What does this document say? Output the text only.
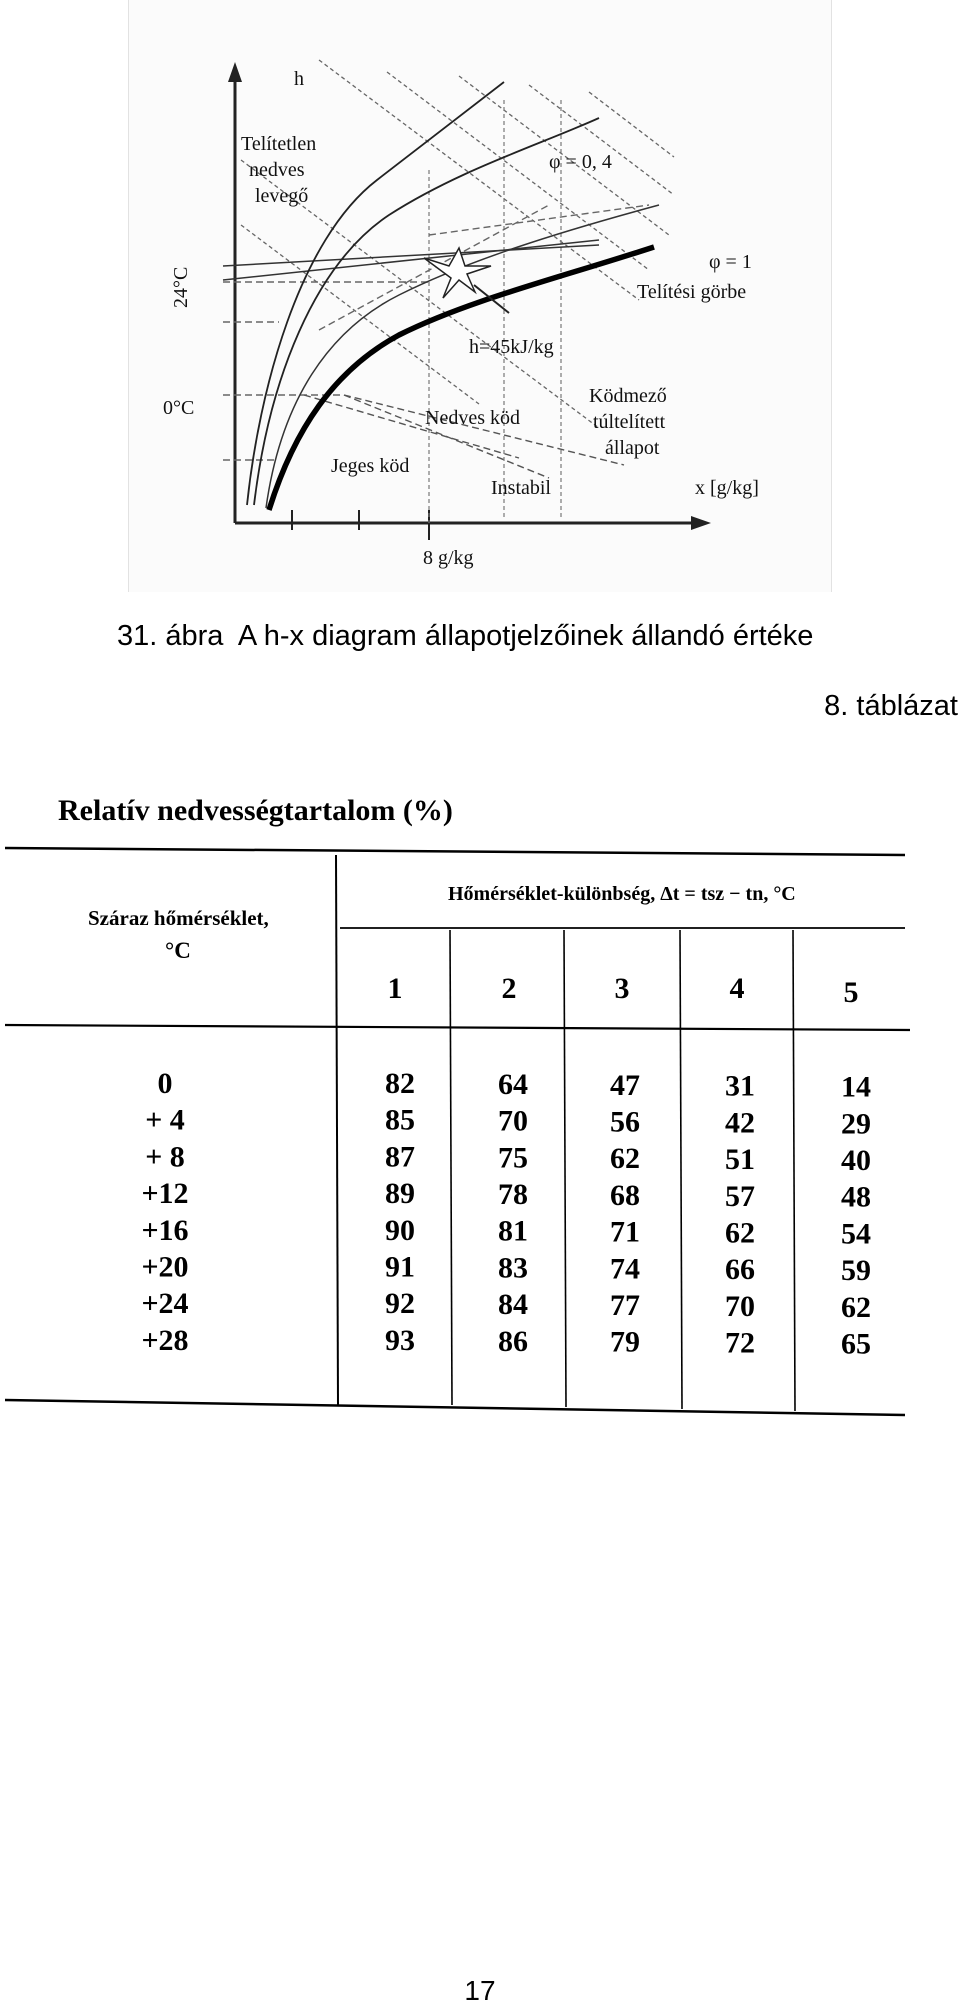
h
Telítetlen
nedves
levegő
φ = 0, 4
φ = 1
Telítési görbe
24°C
0°C
h=45kJ/kg
Ködmező
túltelített
állapot
Nedves köd
Jeges köd
Instabil	x [g/kg]
8 g/kg
31. ábra  A h-x diagram állapotjelzőinek állandó értéke
8. táblázat
Relatív nedvességtartalom (%)
Száraz hőmérséklet,
°C
Hőmérséklet-különbség, Δt = tsz − tn, °C
1	2	3	4	5
0	82	64	47	31	14
+ 4	85	70	56	42	29
+ 8	87	75	62	51	40
+12	89	78	68	57	48
+16	90	81	71	62	54
+20	91	83	74	66	59
+24	92	84	77	70	62
+28	93	86	79	72	65
17
